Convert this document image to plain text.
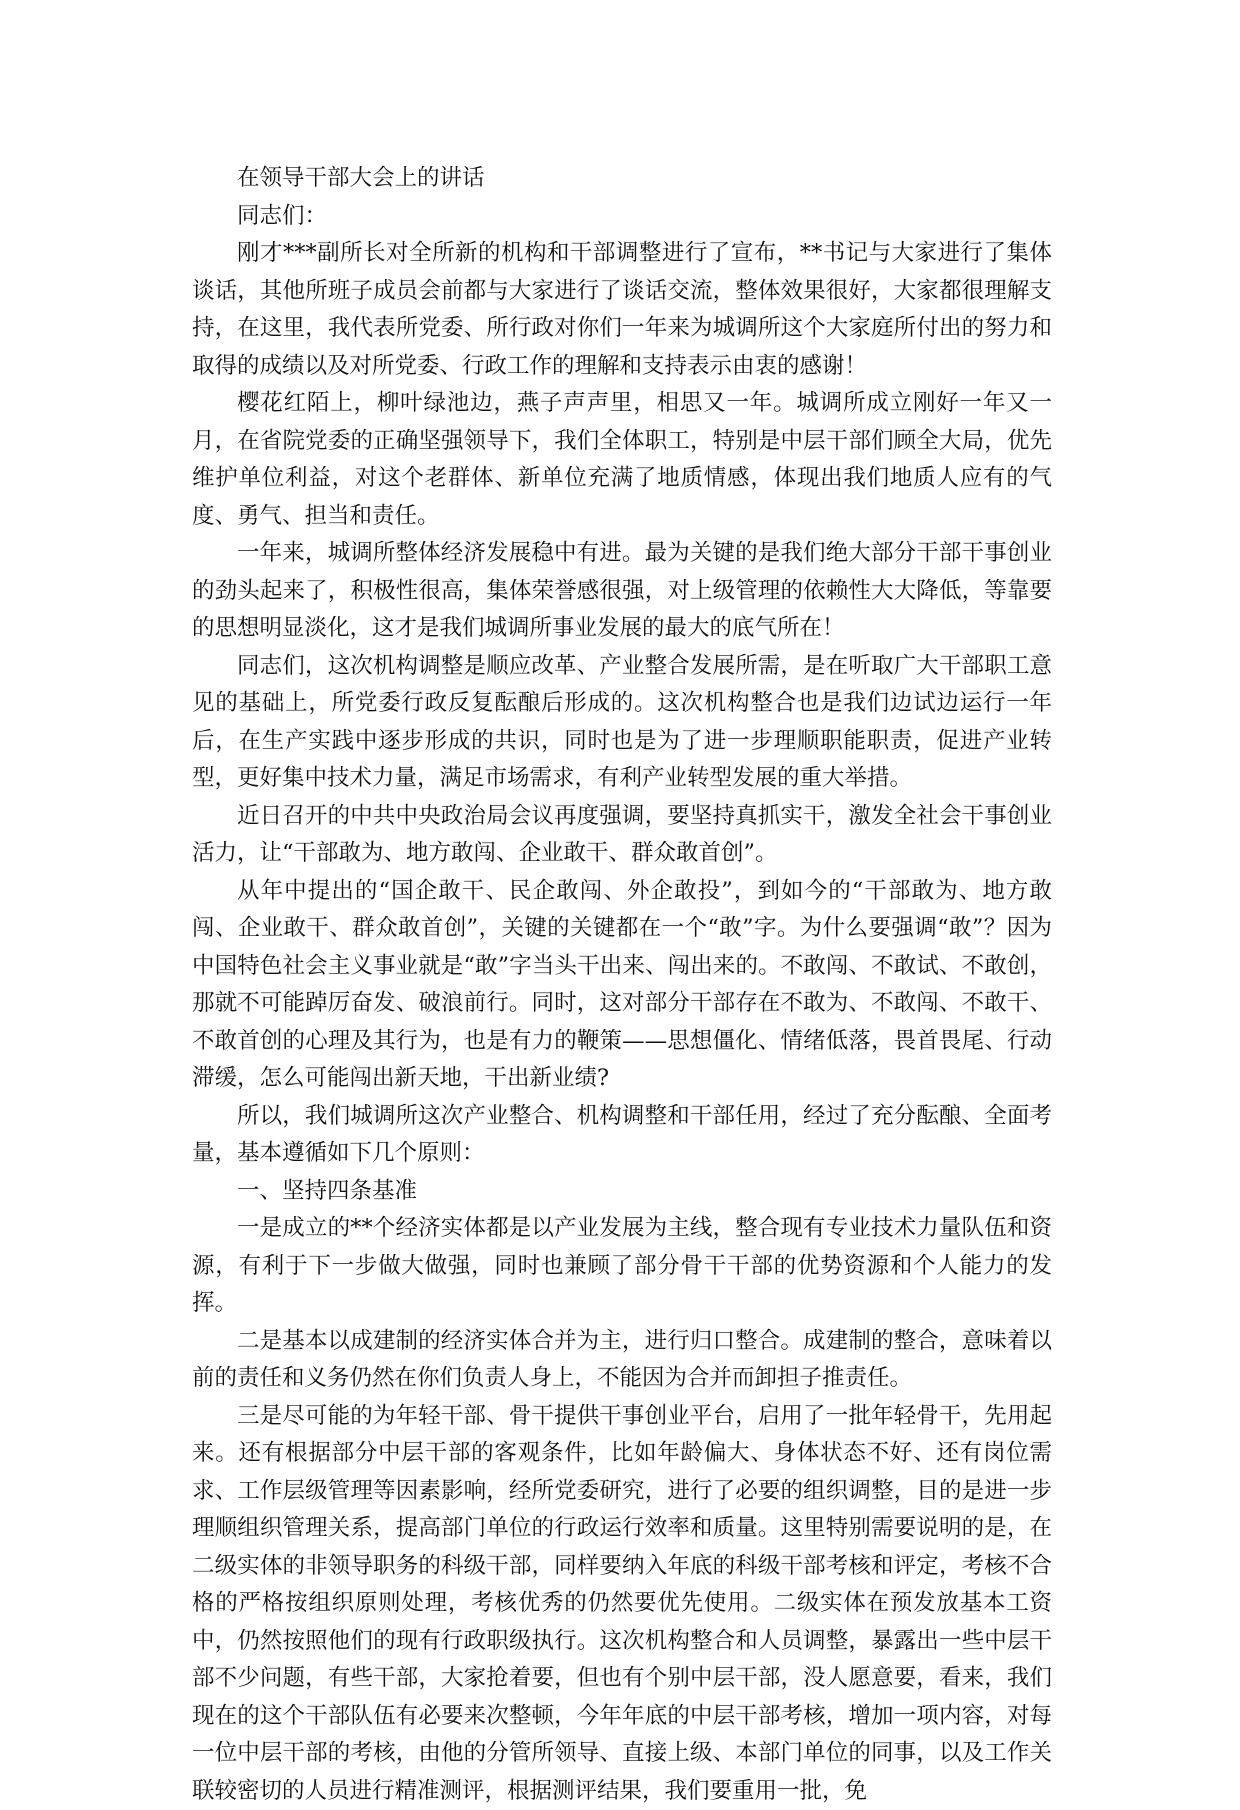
在领导干部大会上的讲话

同志们：

刚才***副所长对全所新的机构和干部调整进行了宣布，**书记与大家进行了集体谈话，其他所班子成员会前都与大家进行了谈话交流，整体效果很好，大家都很理解支持，在这里，我代表所党委、所行政对你们一年来为城调所这个大家庭所付出的努力和取得的成绩以及对所党委、行政工作的理解和支持表示由衷的感谢！

樱花红陌上，柳叶绿池边，燕子声声里，相思又一年。城调所成立刚好一年又一月，在省院党委的正确坚强领导下，我们全体职工，特别是中层干部们顾全大局，优先维护单位利益，对这个老群体、新单位充满了地质情感，体现出我们地质人应有的气度、勇气、担当和责任。

一年来，城调所整体经济发展稳中有进。最为关键的是我们绝大部分干部干事创业的劲头起来了，积极性很高，集体荣誉感很强，对上级管理的依赖性大大降低，等靠要的思想明显淡化，这才是我们城调所事业发展的最大的底气所在！

同志们，这次机构调整是顺应改革、产业整合发展所需，是在听取广大干部职工意见的基础上，所党委行政反复酝酿后形成的。这次机构整合也是我们边试边运行一年后，在生产实践中逐步形成的共识，同时也是为了进一步理顺职能职责，促进产业转型，更好集中技术力量，满足市场需求，有利产业转型发展的重大举措。

近日召开的中共中央政治局会议再度强调，要坚持真抓实干，激发全社会干事创业活力，让“干部敢为、地方敢闯、企业敢干、群众敢首创”。

从年中提出的“国企敢干、民企敢闯、外企敢投”，到如今的“干部敢为、地方敢闯、企业敢干、群众敢首创”，关键的关键都在一个“敢”字。为什么要强调“敢”？因为中国特色社会主义事业就是“敢”字当头干出来、闯出来的。不敢闯、不敢试、不敢创，那就不可能踔厉奋发、破浪前行。同时，这对部分干部存在不敢为、不敢闯、不敢干、不敢首创的心理及其行为，也是有力的鞭策——思想僵化、情绪低落，畏首畏尾、行动滞缓，怎么可能闯出新天地，干出新业绩?

所以，我们城调所这次产业整合、机构调整和干部任用，经过了充分酝酿、全面考量，基本遵循如下几个原则：

一、坚持四条基准

一是成立的**个经济实体都是以产业发展为主线，整合现有专业技术力量队伍和资源，有利于下一步做大做强，同时也兼顾了部分骨干干部的优势资源和个人能力的发挥。

二是基本以成建制的经济实体合并为主，进行归口整合。成建制的整合，意味着以前的责任和义务仍然在你们负责人身上，不能因为合并而卸担子推责任。

三是尽可能的为年轻干部、骨干提供干事创业平台，启用了一批年轻骨干，先用起来。还有根据部分中层干部的客观条件，比如年龄偏大、身体状态不好、还有岗位需求、工作层级管理等因素影响，经所党委研究，进行了必要的组织调整，目的是进一步理顺组织管理关系，提高部门单位的行政运行效率和质量。这里特别需要说明的是，在二级实体的非领导职务的科级干部，同样要纳入年底的科级干部考核和评定，考核不合格的严格按组织原则处理，考核优秀的仍然要优先使用。二级实体在预发放基本工资中，仍然按照他们的现有行政职级执行。这次机构整合和人员调整，暴露出一些中层干部不少问题，有些干部，大家抢着要，但也有个别中层干部，没人愿意要，看来，我们现在的这个干部队伍有必要来次整顿，今年年底的中层干部考核，增加一项内容，对每一位中层干部的考核，由他的分管所领导、直接上级、本部门单位的同事，以及工作关联较密切的人员进行精准测评，根据测评结果，我们要重用一批，免
